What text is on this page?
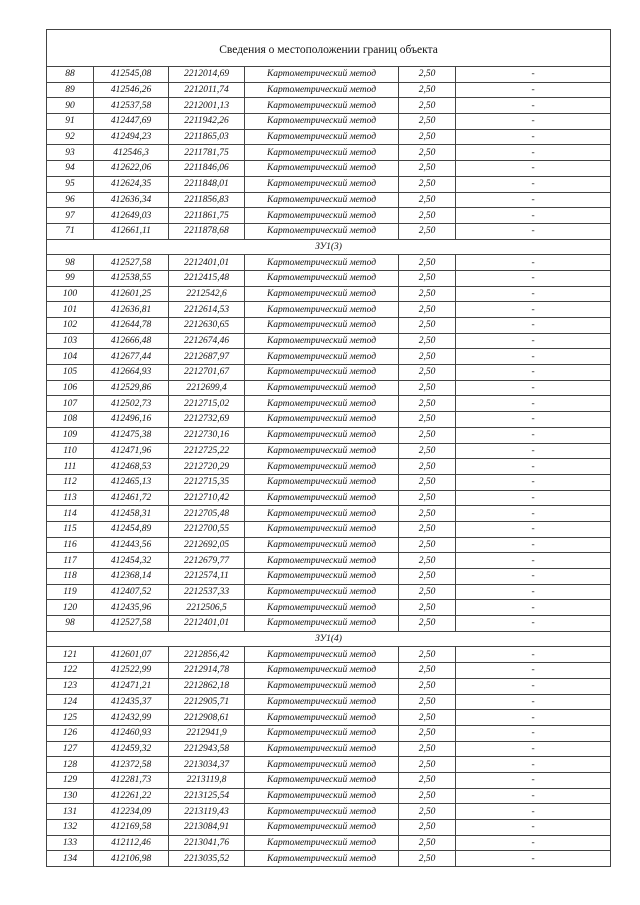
Сведения о местоположении границ объекта					
88	412545,08	2212014,69	Картометрический метод	2,50	-
89	412546,26	2212011,74	Картометрический метод	2,50	-
90	412537,58	2212001,13	Картометрический метод	2,50	-
91	412447,69	2211942,26	Картометрический метод	2,50	-
92	412494,23	2211865,03	Картометрический метод	2,50	-
93	412546,3	2211781,75	Картометрический метод	2,50	-
94	412622,06	2211846,06	Картометрический метод	2,50	-
95	412624,35	2211848,01	Картометрический метод	2,50	-
96	412636,34	2211856,83	Картометрический метод	2,50	-
97	412649,03	2211861,75	Картометрический метод	2,50	-
71	412661,11	2211878,68	Картометрический метод	2,50	-
ЗУ1(3)					
98	412527,58	2212401,01	Картометрический метод	2,50	-
99	412538,55	2212415,48	Картометрический метод	2,50	-
100	412601,25	2212542,6	Картометрический метод	2,50	-
101	412636,81	2212614,53	Картометрический метод	2,50	-
102	412644,78	2212630,65	Картометрический метод	2,50	-
103	412666,48	2212674,46	Картометрический метод	2,50	-
104	412677,44	2212687,97	Картометрический метод	2,50	-
105	412664,93	2212701,67	Картометрический метод	2,50	-
106	412529,86	2212699,4	Картометрический метод	2,50	-
107	412502,73	2212715,02	Картометрический метод	2,50	-
108	412496,16	2212732,69	Картометрический метод	2,50	-
109	412475,38	2212730,16	Картометрический метод	2,50	-
110	412471,96	2212725,22	Картометрический метод	2,50	-
111	412468,53	2212720,29	Картометрический метод	2,50	-
112	412465,13	2212715,35	Картометрический метод	2,50	-
113	412461,72	2212710,42	Картометрический метод	2,50	-
114	412458,31	2212705,48	Картометрический метод	2,50	-
115	412454,89	2212700,55	Картометрический метод	2,50	-
116	412443,56	2212692,05	Картометрический метод	2,50	-
117	412454,32	2212679,77	Картометрический метод	2,50	-
118	412368,14	2212574,11	Картометрический метод	2,50	-
119	412407,52	2212537,33	Картометрический метод	2,50	-
120	412435,96	2212506,5	Картометрический метод	2,50	-
98	412527,58	2212401,01	Картометрический метод	2,50	-
ЗУ1(4)					
121	412601,07	2212856,42	Картометрический метод	2,50	-
122	412522,99	2212914,78	Картометрический метод	2,50	-
123	412471,21	2212862,18	Картометрический метод	2,50	-
124	412435,37	2212905,71	Картометрический метод	2,50	-
125	412432,99	2212908,61	Картометрический метод	2,50	-
126	412460,93	2212941,9	Картометрический метод	2,50	-
127	412459,32	2212943,58	Картометрический метод	2,50	-
128	412372,58	2213034,37	Картометрический метод	2,50	-
129	412281,73	2213119,8	Картометрический метод	2,50	-
130	412261,22	2213125,54	Картометрический метод	2,50	-
131	412234,09	2213119,43	Картометрический метод	2,50	-
132	412169,58	2213084,91	Картометрический метод	2,50	-
133	412112,46	2213041,76	Картометрический метод	2,50	-
134	412106,98	2213035,52	Картометрический метод	2,50	-
